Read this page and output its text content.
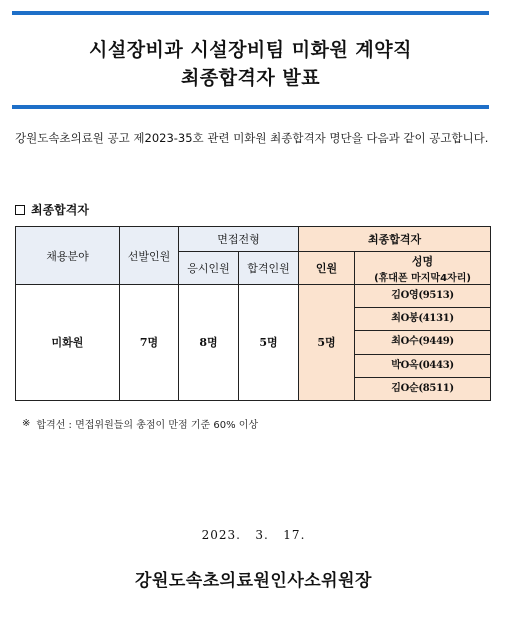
시설장비과 시설장비팀 미화원 계약직
최종합격자 발표

강원도속초의료원 공고 제2023-35호 관련 미화원 최종합격자 명단을 다음과 같이 공고합니다.

최종합격자
채용분야	선발인원	면접전형		최종합격자	
		응시인원	합격인원	인원	성명
(휴대폰 마지막4자리)

미화원	7명	8명	5명	5명	김O영(9513)
최O봉(4131)
최O수(9449)
박O옥(0443)
김O순(8511)
※ 합격선 : 면접위원들의 총점이 만점 기준 60% 이상
2023.   3.   17.
강원도속초의료원인사소위원장
